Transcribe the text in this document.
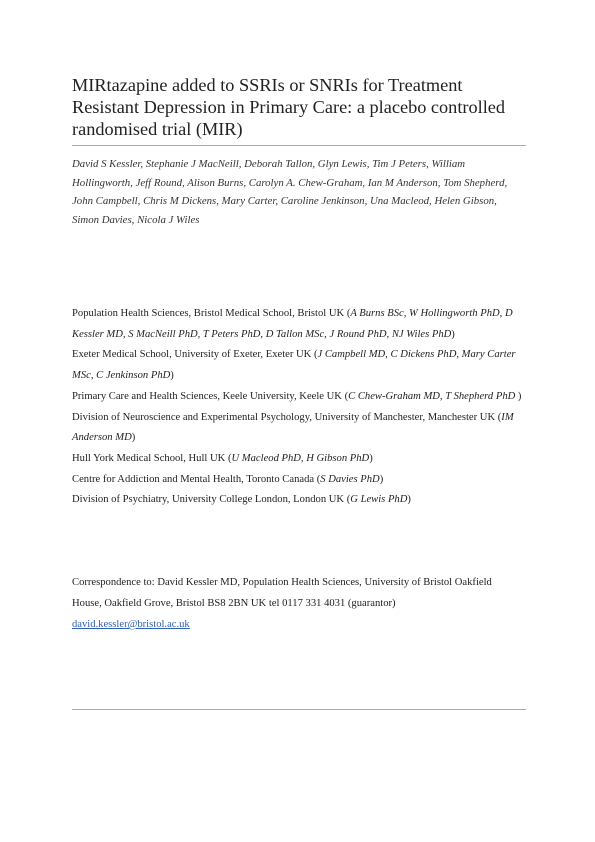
MIRtazapine added to SSRIs or SNRIs for Treatment Resistant Depression in Primary Care: a placebo controlled randomised trial (MIR)
David S Kessler, Stephanie J MacNeill, Deborah Tallon, Glyn Lewis, Tim J Peters, William Hollingworth, Jeff Round, Alison Burns, Carolyn A. Chew-Graham, Ian M Anderson, Tom Shepherd, John Campbell, Chris M Dickens, Mary Carter, Caroline Jenkinson, Una Macleod, Helen Gibson, Simon Davies, Nicola J Wiles
Population Health Sciences, Bristol Medical School, Bristol UK (A Burns BSc, W Hollingworth PhD, D Kessler MD, S MacNeill PhD, T Peters PhD, D Tallon MSc, J Round PhD, NJ Wiles PhD)
Exeter Medical School, University of Exeter, Exeter UK (J Campbell MD, C Dickens PhD, Mary Carter MSc, C Jenkinson PhD)
Primary Care and Health Sciences, Keele University, Keele UK (C Chew-Graham MD, T Shepherd PhD )
Division of Neuroscience and Experimental Psychology, University of Manchester, Manchester UK (IM Anderson MD)
Hull York Medical School, Hull UK (U Macleod PhD, H Gibson PhD)
Centre for Addiction and Mental Health, Toronto Canada (S Davies PhD)
Division of Psychiatry, University College London, London UK (G Lewis PhD)
Correspondence to: David Kessler MD, Population Health Sciences, University of Bristol Oakfield House, Oakfield Grove, Bristol BS8 2BN UK tel 0117 331 4031 (guarantor)
david.kessler@bristol.ac.uk
